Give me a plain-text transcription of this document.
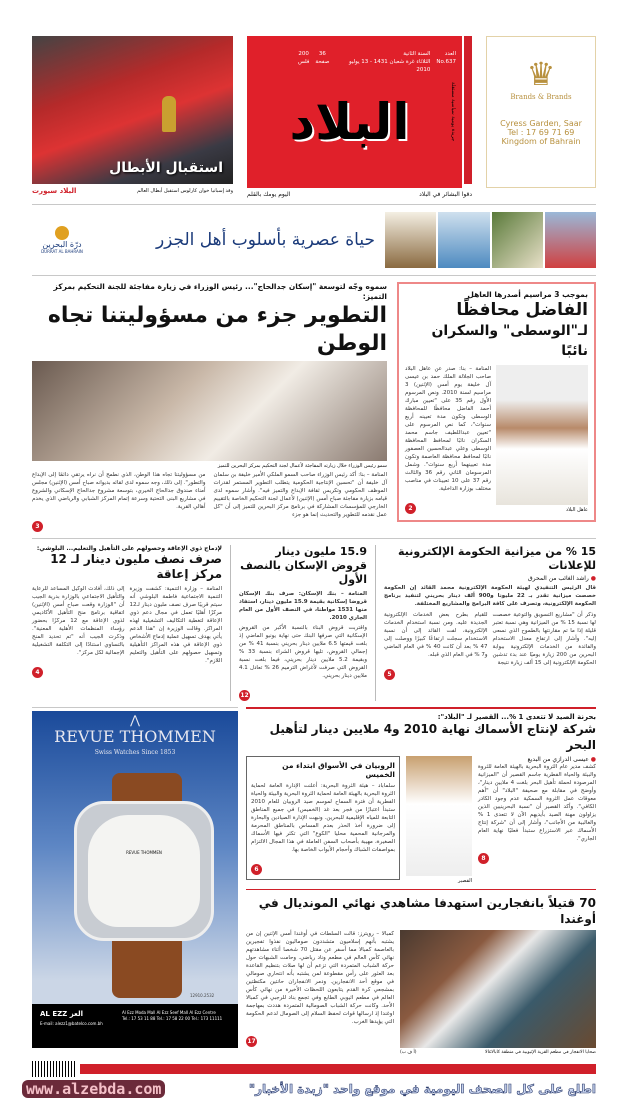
استقبال الأبطال
البلاد سبورت	وفد إسبانيا خوان كارلوس استقبل أبطال العالم
العدد
No.637
السنة الثانية
الثلاثاء غرة شعبان 1431 - 13 يوليو 2010
36
صفحة
200
فلس
البلاد	جريدة يومية سياسية مستقلة
اليوم يومك بالقلم	دقوا البشائر في البلاد
♛
Brands & Brands
Cyress Garden, Saar
Tel : 17 69 71 69
Kingdom of Bahrain
درّة البحرين
DURRAT AL BAHRAIN
حياة عصرية بأسلوب أهل الجزر
سموه وجّه لتوسعة "إسكان جدالحاج"... رئيس الوزراء في زيارة مفاجئة للجنة التحكيم بمركز التميز:
التطوير جزء من مسؤوليتنا تجاه الوطن
سمو رئيس الوزراء خلال زيارته المفاجئة لأعمال لجنة التحكيم بمركز البحرين للتميز
المنامة – بنا: أكد رئيس الوزراء صاحب السمو الملكي الأمير خليفة بن سلمان آل خليفة أن "تحسين الإنتاجية الحكومية يتطلب التطوير المستمر لقدرات الموظف الحكومي وتكريس ثقافة الإبداع والتميز فيه". وأشار سموه لدى قيامه بزيارة مفاجئة صباح أمس (الإثنين) لأعمال لجنة التحكيم الخاصة بالتقييم الخارجي للمؤسسات المشاركة في برنامج مركز البحرين للتميز إلى أن "كل عمل نقدمه للتطوير والتحديث إنما هو جزء
من مسؤوليتنا تجاه هذا الوطن، الذي نطمح أن نراه يرتقي دائمًا إلى الإبداع والتطور". إلى ذلك، وجه سموه لدى لقائه بديوانه صباح أمس (الإثنين) مجلس أمناء صندوق جدالحاج الخيري، بتوسعة مشروع جدالحاج الإسكاني والشروع في مشاريع البنى التحتية وسرعة إتمام المركز الشبابي والرياضي الذي يخدم أهالي القرية.
3
بموجب 3 مراسيم أصدرها العاهل
الفاضل محافظًا
لـ"الوسطى" والسكران نائبًا
عاهل البلاد
المنامة – بنا: صدر عن عاهل البلاد صاحب الجلالة الملك حمد بن عيسى آل خليفة يوم أمس (الإثنين) 3 مراسيم لسنة 2010. ونص المرسوم الأول رقم 35 على "تعيين مبارك أحمد الفاضل محافظًا للمحافظة الوسطى وتكون مدة تعيينه أربع سنوات"، كما نص المرسوم على "تعيين عبداللطيف جاسم محمد السكران نائبًا لمحافظ المحافظة الوسطى وعلي عبدالحسين العصفور نائبًا لمحافظ محافظة العاصمة وتكون مدة تعيينهما أربع سنوات". وشمل المرسومان الثاني رقم 36 والثالث رقم 37 على 10 تعيينات في مناصب مختلف بوزارة الداخلية.
2
لإدماج ذوي الإعاقة وحصولهم على التأهيل والتعليم... البلوشي:
صرف نصف مليون دينار لـ 12 مركز إعاقة
المنامة – وزارة التنمية: كشفت وزيرة التنمية الاجتماعية فاطمة البلوشي أنه سيتم قريبًا صرف نصف مليون دينار لـ12 مركزًا أهليًا تعمل في مجال دعم ذوي الإعاقة لتغطية التكاليف التشغيلية لهذه المراكز. وقالت الوزيرة إن "هذا الدعم يأتي بهدف تسهيل عملية إدماج الأشخاص ذوي الإعاقة في هذه المراكز التأهيلية وتسهيل حصولهم على التأهيل والتعليم اللازم".
إلى ذلك، أفادت الوكيل المساعد للرعاية والتأهيل الاجتماعي بالوزارة بدرية الجيب أن "الوزارة وقعت صباح أمس (الإثنين) اتفاقية برنامج منح التأهيل الأكاديمي لذوي الإعاقة مع 12 مركزًا بحضور رؤساء المنظمات الأهلية المعنية". وذكرت الجيب أنه "تم تحديد المنح بالتساوي استنادًا إلى التكلفة التشغيلية الإجمالية لكل مركز".
4
15.9 مليون دينار قروض الإسكان بالنصف الأول
المنامة – بنك الإسكان: صرف بنك الإسكان قروضا إسكانية بقيمة 15.9 مليون دينار، استفاد منها 1531 مواطنا، في النصف الأول من العام الجاري 2010.
واقتربت قروض البناء بالنسبة الأكبر من القروض الإسكانية التي صرفها البنك حتى نهاية يونيو الماضي إذ بلغت قيمتها 6.5 ملايين دينار بحريني بنسبة 41 % من إجمالي القروض، تليها قروض الشراء بنسبة 33 % وبقيمة 5.2 ملايين دينار بحريني، فيما بلغت نسبة القروض التي صرفت لأغراض الترميم 26 % تعادل 4.1 ملايين دينار بحريني.
12
15 % من ميزانية الحكومة الإلكترونية للإعلانات
● راشد الغائب من المحرق
قال الرئيس التنفيذي لهيئة الحكومة الإلكترونية محمد القائد إن الحكومة خصصت ميزانية تقدر بـ 22 مليونا و900 ألف دينار بحريني لتنفيذ برنامج الحكومة الإلكترونية، وتصرف على كافة البرامج والمشاريع المختلفة.
وذكر أن "مشاريع التسويق والتوعية خصصت لها نسبة 15 % من الميزانية وهي نسبة تعتبر قليلة إذا ما تم مقارنتها بالطموح الذي نسعى إليه". وأشار إلى ارتفاع معدل الاستخدام والفائدة من الخدمات الإلكترونية ببوابة البحرين من 200 زيارة يوميًا عند بدء تدشين الحكومة الإلكترونية إلى 15 ألف زيارة نتيجة
للقيام بطرح بعض الخدمات الإلكترونية الجديدة عليه. ومن نسبة استخدام الخدمات الإلكترونية، لفت القائد إلى أن نسبة الاستخدام سجلت ارتفاعًا كبيرًا ووصلت إلى 47 % بعد أن كانت 40 % في العام الماضي و7 % في العام الذي قبله.
5
⋀
REVUE THOMMEN
Swiss Watches Since 1853
REVUE THOMMEN
12910.2532
AL EZZ العز
E-mail: alezz1@batelco.com.bh
Al Ezz Moda Mall Al Ezz Seef Mall Al Ezz Centre
Tel.: 17 53 11 88 Tel.: 17 58 22 00 Tel.: 173 11111
بحرنة الصيد لا تتعدى 1 %... القصير لـ "البلاد":
شركة لإنتاج الأسماك نهاية 2010 و4 ملايين دينار لتأهيل البحر
● عيسى الدرازي من البديع
كشف مدير عام الثروة البحرية بالهيئة العامة للثروة والبيئة والحياة الفطرية جاسم القصير أن "الميزانية المرصودة لحملة تأهيل البحر بلغت 4 ملايين دينار"، وأوضح في مقابلة مع صحيفة "البلاد" أن "أهم معوقات عمل الثروة السمكية عدم وجود الكادر الكافي". وأكد القصير أن "نسبة البحرينيين الذين يزاولون مهنة الصيد بأيديهم الآن لا تتعدى 1 % والغالبية من الأجانب"، وأشار إلى أن "شركة إنتاج الأسماك عبر الاستزراع ستبدأ فعليًا نهاية العام الجاري".
8
القصير
الروبيان في الأسواق ابتداء من الخميس
سلماباد – هيئة الثروة البحرية: أعلنت الإدارة العامة لحماية الثروة البحرية بالهيئة العامة لحماية الثروة البحرية والبيئة والحياة الفطرية أن فترة السماح لموسم صيد الروبيان للعام 2010 ستبدأ اعتبارًا من فجر بعد غد (الخميس) في جميع المناطق التابعة للمياه الإقليمية للبحرين. ونبهت الإدارة الصيادين والبحارة إلى ضرورة أخذ الحذر بعدم المساس بالمناطق المحرمة والمرجانية المحمية محليا "الكوع" التي تكثر فيها الأسماك الصغيرة، مهيبة بأصحاب السفن العاملة في هذا المجال الالتزام بمواصفات الشباك وأحجام الأبواب الخاصة بها.
6
70 قتيلاً بانفجارين استهدفا مشاهدي نهائي المونديال في أوغندا
ضحايا الانفجار في مطعم القرية الإثيوبية في منطقة كابالاغالا
(أ ف ب)
كمبالا – رويترز: قالت السلطات في أوغندا أمس الإثنين إن من يشتبه بأنهم إسلاميون متشددون صوماليون نفذوا تفجيرين بالعاصمة كمبالا مما أسفر عن مقتل 70 شخصا أثناء مشاهدتهم نهائي كأس العالم في مطعم وناد رياضي. وحامت الشبهات حول حركة الشباب المتمردة التي تزعم أن لها صلات بتنظيم القاعدة بعد العثور على رأس مقطوعة لمن يشتبه بأنه انتحاري صومالي في موقع أحد الانفجارين. ودمر الانفجاران حانتين مكتظتين بمشجعي كرة القدم يتابعون اللحظات الأخيرة من نهائي كأس العالم في مطعم اثيوبي الطابع وفي تجمع بناد للرجبي في كمبالا الأحد. وكانت حركة الشباب الصومالية المتمردة هددت بمهاجمة اوغندا إذ ارسالها قوات لحفظ السلام إلى الصومال لدعم الحكومة التي يؤيدها الغرب.
17
www.alzebda.com	اطلع على كل الصحف اليومية في موقع واحد "زبدة الأخبار"
